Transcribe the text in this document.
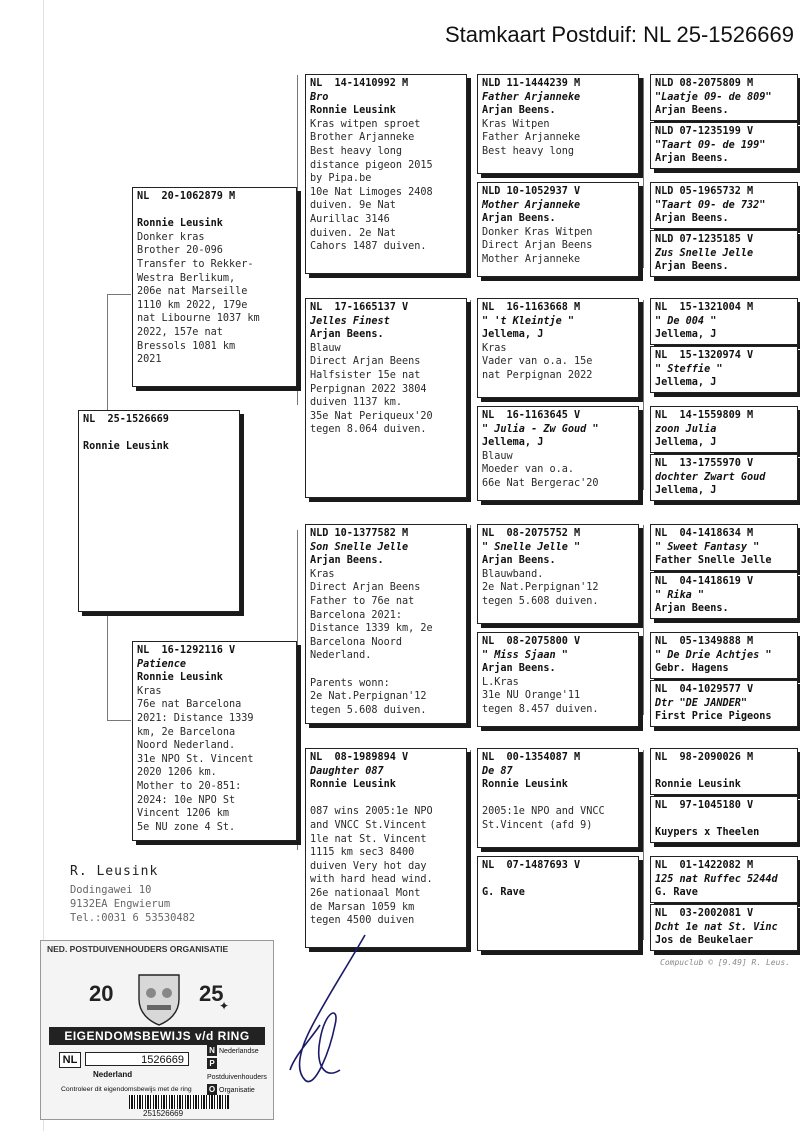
Stamkaart Postduif: NL 25-1526669
NL  25-1526669

Ronnie Leusink
NL  20-1062879 M

Ronnie Leusink
Donker kras
Brother 20-096
Transfer to Rekker-
Westra Berlikum,
206e nat Marseille
1110 km 2022, 179e
nat Libourne 1037 km
2022, 157e nat
Bressols 1081 km
2021
NL  16-1292116 V
Patience
Ronnie Leusink
Kras
76e nat Barcelona
2021: Distance 1339
km, 2e Barcelona
Noord Nederland.
31e NPO St. Vincent
2020 1206 km.
Mother to 20-851:
2024: 10e NPO St
Vincent 1206 km
5e NU zone 4 St.
NL  14-1410992 M
Bro
Ronnie Leusink
Kras witpen sproet
Brother Arjanneke
Best heavy long
distance pigeon 2015
by Pipa.be
10e Nat Limoges 2408
duiven. 9e Nat
Aurillac 3146
duiven. 2e Nat
Cahors 1487 duiven.
NL  17-1665137 V
Jelles Finest
Arjan Beens.
Blauw
Direct Arjan Beens
Halfsister 15e nat
Perpignan 2022 3804
duiven 1137 km.
35e Nat Periqueux'20
tegen 8.064 duiven.
NLD 10-1377582 M
Son Snelle Jelle
Arjan Beens.
Kras
Direct Arjan Beens
Father to 76e nat
Barcelona 2021:
Distance 1339 km, 2e
Barcelona Noord
Nederland.

Parents wonn:
2e Nat.Perpignan'12
tegen 5.608 duiven.
NL  08-1989894 V
Daughter 087
Ronnie Leusink

087 wins 2005:1e NPO
and VNCC St.Vincent
1le nat St. Vincent
1115 km sec3 8400
duiven Very hot day
with hard head wind.
26e nationaal Mont
de Marsan 1059 km
tegen 4500 duiven
NLD 11-1444239 M
Father Arjanneke
Arjan Beens.
Kras Witpen
Father Arjanneke
Best heavy long
NLD 10-1052937 V
Mother Arjanneke
Arjan Beens.
Donker Kras Witpen
Direct Arjan Beens
Mother Arjanneke
NL  16-1163668 M
" 't Kleintje "
Jellema, J
Kras
Vader van o.a. 15e
nat Perpignan 2022
NL  16-1163645 V
" Julia - Zw Goud "
Jellema, J
Blauw
Moeder van o.a.
66e Nat Bergerac'20
NL  08-2075752 M
" Snelle Jelle "
Arjan Beens.
Blauwband.
2e Nat.Perpignan'12
tegen 5.608 duiven.
NL  08-2075800 V
" Miss Sjaan "
Arjan Beens.
L.Kras
31e NU Orange'11
tegen 8.457 duiven.
NL  00-1354087 M
De 87
Ronnie Leusink

2005:1e NPO and VNCC
St.Vincent (afd 9)
NL  07-1487693 V

G. Rave
NLD 08-2075809 M
"Laatje 09- de 809"
Arjan Beens.
NLD 07-1235199 V
"Taart 09- de 199"
Arjan Beens.
NLD 05-1965732 M
"Taart 09- de 732"
Arjan Beens.
NLD 07-1235185 V
Zus Snelle Jelle
Arjan Beens.
NL  15-1321004 M
" De 004 "
Jellema, J
NL  15-1320974 V
" Steffie "
Jellema, J
NL  14-1559809 M
zoon Julia
Jellema, J
NL  13-1755970 V
dochter Zwart Goud
Jellema, J
NL  04-1418634 M
" Sweet Fantasy "
Father Snelle Jelle
NL  04-1418619 V
" Rika "
Arjan Beens.
NL  05-1349888 M
" De Drie Achtjes "
Gebr. Hagens
NL  04-1029577 V
Dtr "DE JANDER"
First Price Pigeons
NL  98-2090026 M

Ronnie Leusink
NL  97-1045180 V

Kuypers x Theelen
NL  01-1422082 M
125 nat Ruffec 5244d
G. Rave
NL  03-2002081 V
Dcht 1e nat St. Vinc
Jos de Beukelaer
R. Leusink
Dodingawei 10
9132EA Engwierum
Tel.:0031 6 53530482
Compuclub © [9.49] R. Leus.
NED. POSTDUIVENHOUDERS ORGANISATIE
20	25
✦
EIGENDOMSBEWIJS v/d RING
NL	1526669
Nederland
N Nederlandse
PPostduivenhouders
O Organisatie
Controleer dit eigendomsbewijs met de ring
251526669
